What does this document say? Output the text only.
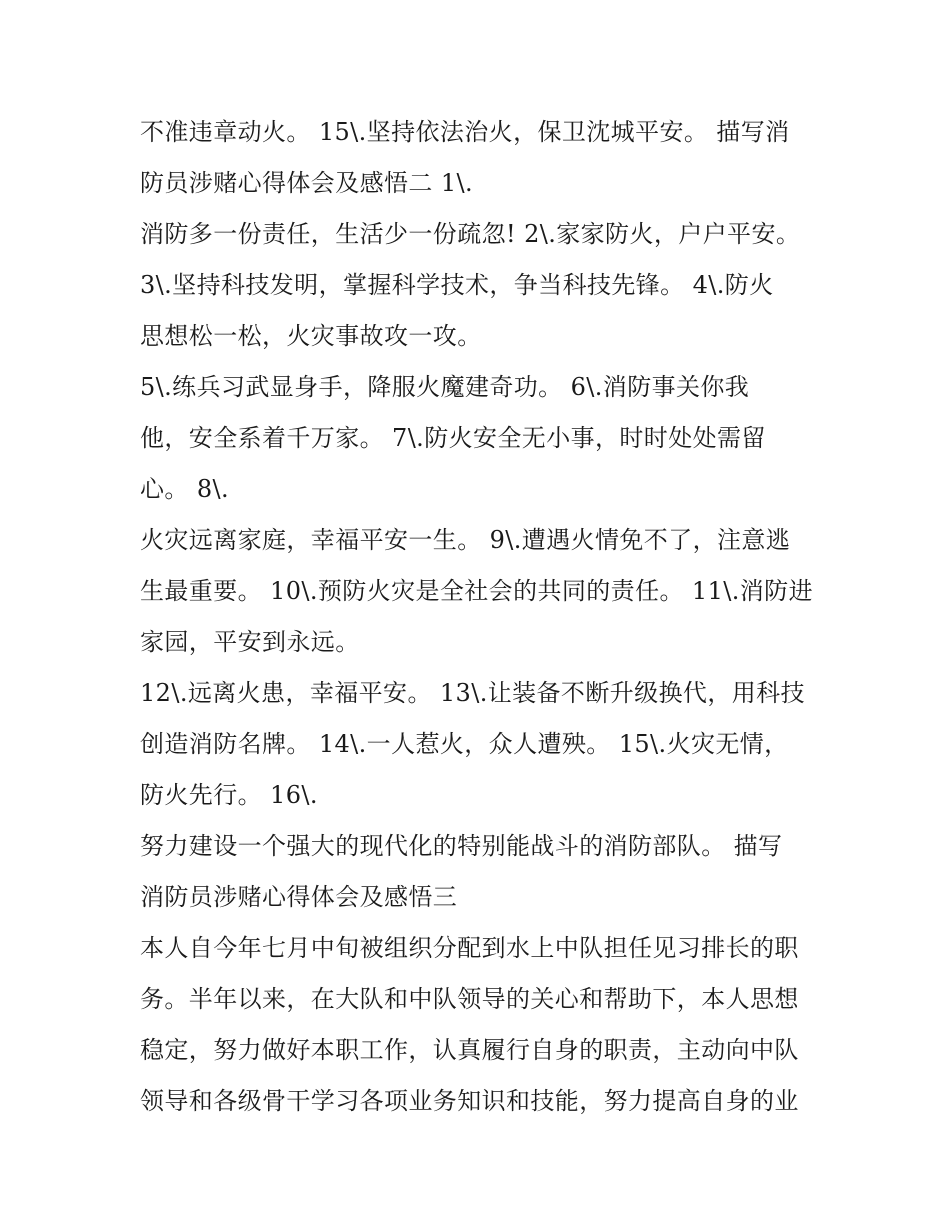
不准违章动火。 15\.坚持依法治火，保卫沈城平安。 描写消
防员涉赌心得体会及感悟二 1\.
消防多一份责任，生活少一份疏忽! 2\.家家防火，户户平安。
3\.坚持科技发明，掌握科学技术，争当科技先锋。 4\.防火
思想松一松，火灾事故攻一攻。
5\.练兵习武显身手，降服火魔建奇功。 6\.消防事关你我
他，安全系着千万家。 7\.防火安全无小事，时时处处需留
心。 8\.
火灾远离家庭，幸福平安一生。 9\.遭遇火情免不了，注意逃
生最重要。 10\.预防火灾是全社会的共同的责任。 11\.消防进
家园，平安到永远。
12\.远离火患，幸福平安。 13\.让装备不断升级换代，用科技
创造消防名牌。 14\.一人惹火，众人遭殃。 15\.火灾无情，
防火先行。 16\.
努力建设一个强大的现代化的特别能战斗的消防部队。 描写
消防员涉赌心得体会及感悟三
本人自今年七月中旬被组织分配到水上中队担任见习排长的职
务。半年以来，在大队和中队领导的关心和帮助下，本人思想
稳定，努力做好本职工作，认真履行自身的职责，主动向中队
领导和各级骨干学习各项业务知识和技能，努力提高自身的业
